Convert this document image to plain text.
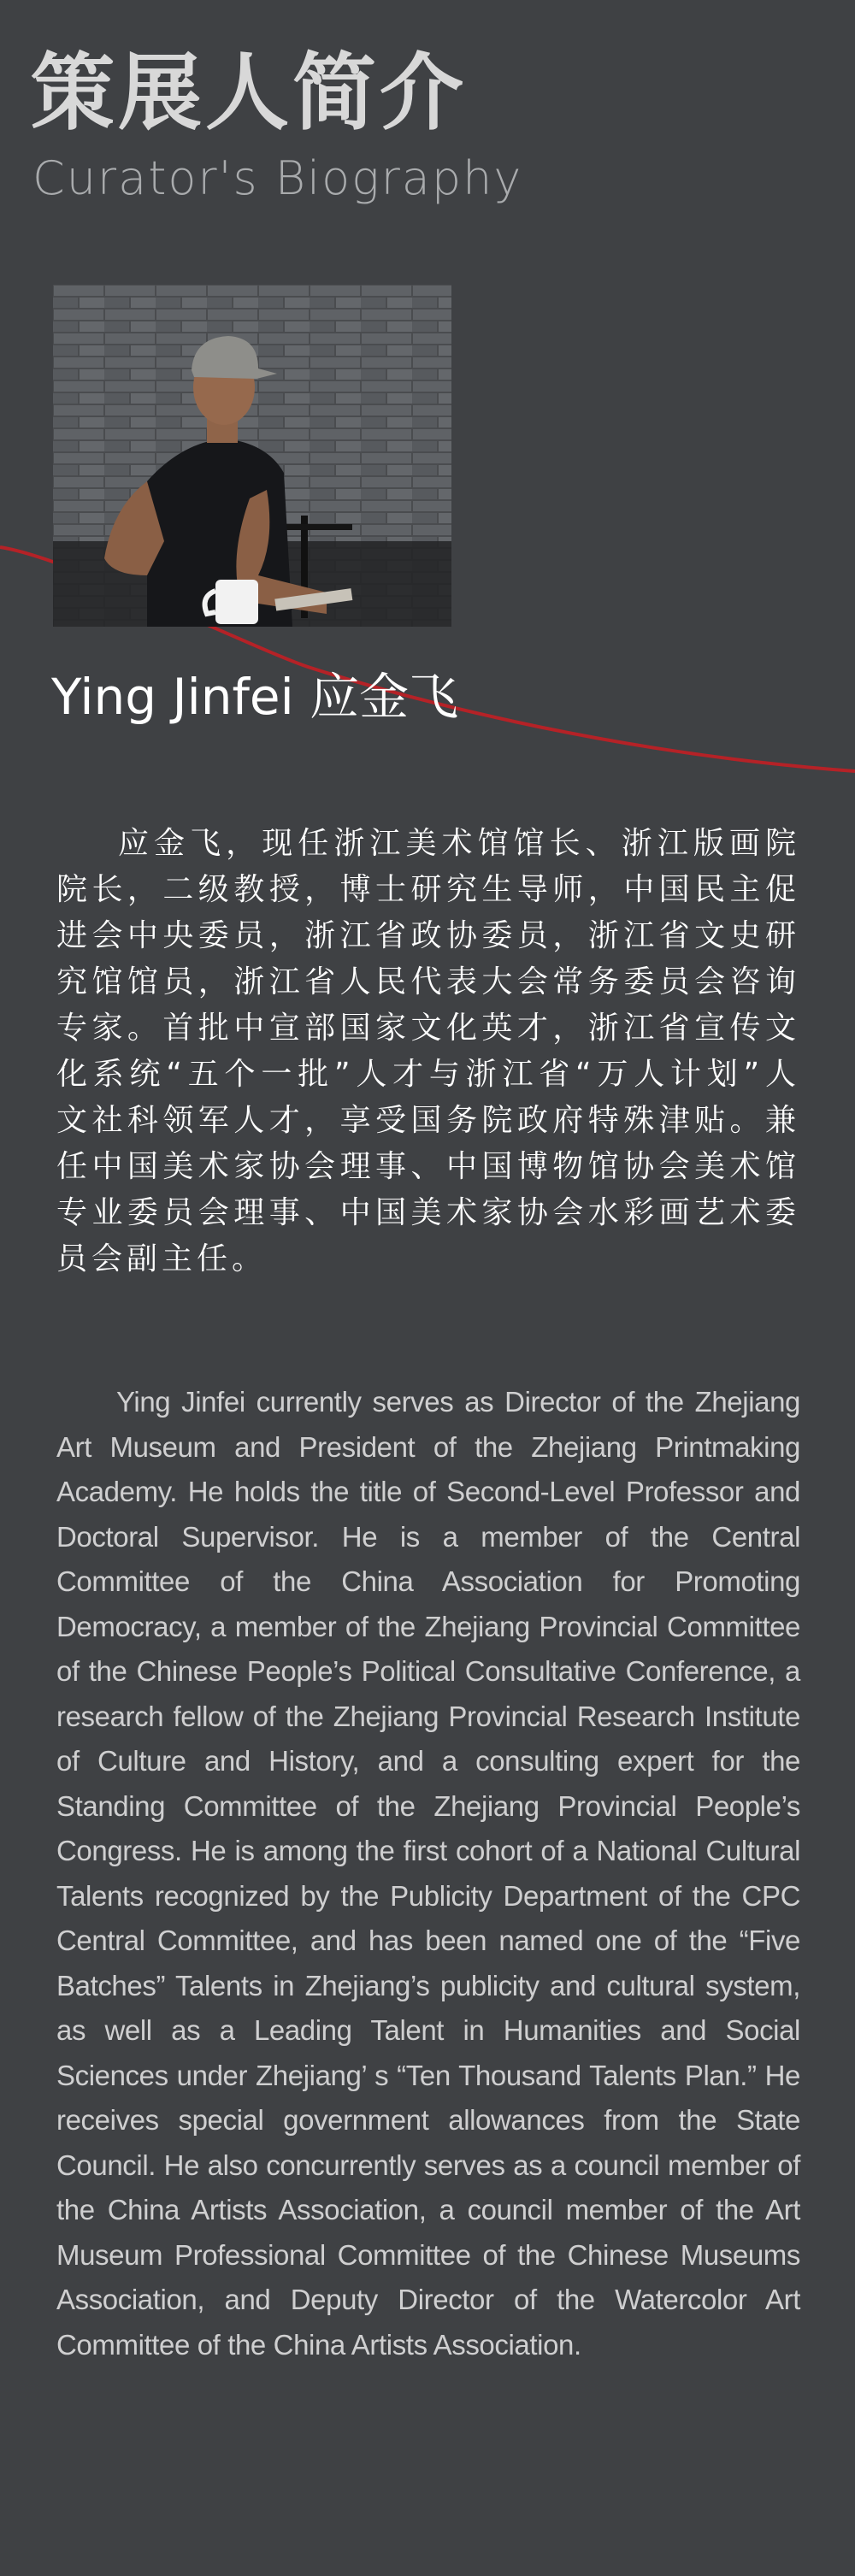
策展人简介
Curator's Biography
Ying Jinfei 应金飞

应金飞，现任浙江美术馆馆长、浙江版画院院长，二级教授，博士研究生导师，中国民主促进会中央委员，浙江省政协委员，浙江省文史研究馆馆员，浙江省人民代表大会常务委员会咨询专家。首批中宣部国家文化英才，浙江省宣传文化系统“五个一批”人才与浙江省“万人计划”人文社科领军人才，享受国务院政府特殊津贴。兼任中国美术家协会理事、中国博物馆协会美术馆专业委员会理事、中国美术家协会水彩画艺术委员会副主任。

Ying Jinfei currently serves as Director of the Zhejiang Art Museum and President of the Zhejiang Printmaking Academy. He holds the title of Second-Level Professor and Doctoral Supervisor. He is a member of the Central Committee of the China Association for Promoting Democracy, a member of the Zhejiang Provincial Committee of the Chinese People’s Political Consultative Conference, a research fellow of the Zhejiang Provincial Research Institute of Culture and History, and a consulting expert for the Standing Committee of the Zhejiang Provincial People’s Congress. He is among the first cohort of a National Cultural Talents recognized by the Publicity Department of the CPC Central Committee, and has been named one of the “Five Batches” Talents in Zhejiang’s publicity and cultural system, as well as a Leading Talent in Humanities and Social Sciences under Zhejiang’ s “Ten Thousand Talents Plan.” He receives special government allowances from the State Council. He also concurrently serves as a council member of the China Artists Association, a council member of the Art Museum Professional Committee of the Chinese Museums Association, and Deputy Director of the Watercolor Art Committee of the China Artists Association.
